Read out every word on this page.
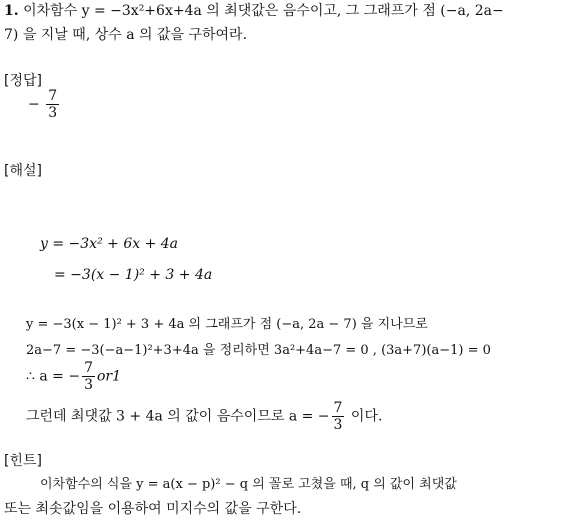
1. 이차함수 y = −3x²+6x+4a 의 최댓값은 음수이고, 그 그래프가 점 (−a, 2a−
7) 을 지날 때, 상수 a 의 값을 구하여라.
[정답]
− $\frac{7}{3}$
[해설]
y = −3x² + 6x + 4a
= −3(x − 1)² + 3 + 4a
y = −3(x − 1)² + 3 + 4a 의 그래프가 점 (−a, 2a − 7) 을 지나므로
2a−7 = −3(−a−1)²+3+4a 을 정리하면 3a²+4a−7 = 0 , (3a+7)(a−1) = 0
∴ a = − $\frac{7}{3} or1$
그런데 최댓값 3 + 4a 의 값이 음수이므로 a = − $\frac{7}{3}$ 이다.
[힌트]
이차함수의 식을 y = a(x − p)² − q 의 꼴로 고쳤을 때, q 의 값이 최댓값
또는 최솟값임을 이용하여 미지수의 값을 구한다.
